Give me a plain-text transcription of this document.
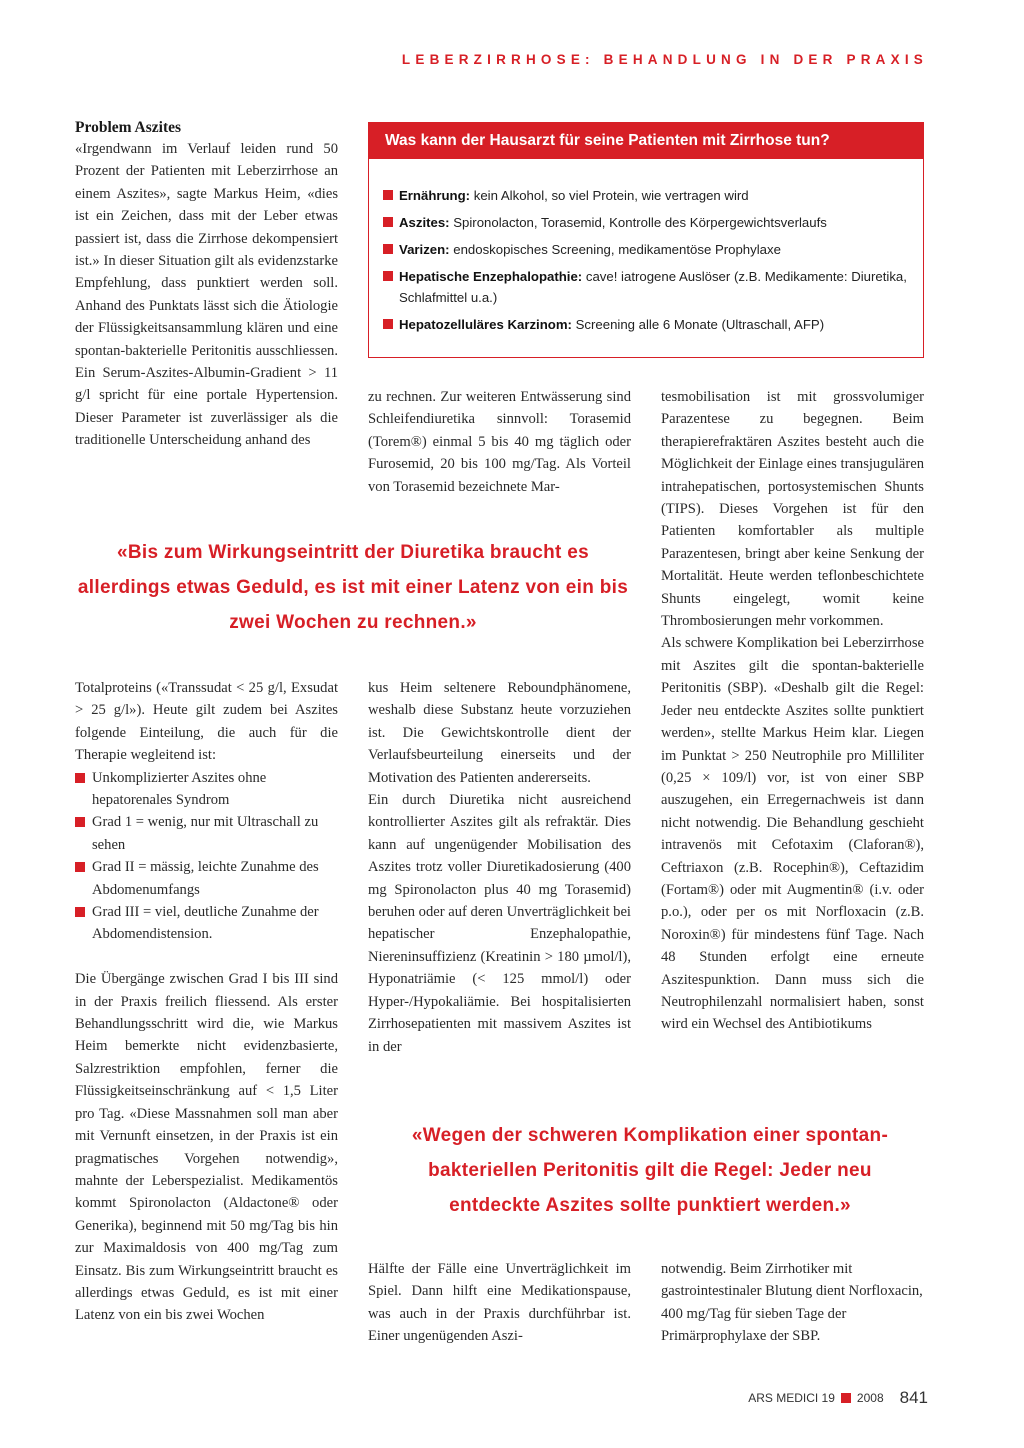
LEBERZIRRHOSE: BEHANDLUNG IN DER PRAXIS
Problem Aszites

«Irgendwann im Verlauf leiden rund 50 Prozent der Patienten mit Leberzirrhose an einem Aszites», sagte Markus Heim, «dies ist ein Zeichen, dass mit der Leber etwas passiert ist, dass die Zirrhose dekompensiert ist.» In dieser Situation gilt als evidenzstarke Empfehlung, dass punktiert werden soll. Anhand des Punktats lässt sich die Ätiologie der Flüssigkeitsansammlung klären und eine spontan-bakterielle Peritonitis ausschliessen. Ein Serum-Aszites-Albumin-Gradient > 11 g/l spricht für eine portale Hypertension. Dieser Parameter ist zuverlässiger als die traditionelle Unterscheidung anhand des

Was kann der Hausarzt für seine Patienten mit Zirrhose tun?
Ernährung: kein Alkohol, so viel Protein, wie vertragen wird
Aszites: Spironolacton, Torasemid, Kontrolle des Körpergewichtsverlaufs
Varizen: endoskopisches Screening, medikamentöse Prophylaxe
Hepatische Enzephalopathie: cave! iatrogene Auslöser (z.B. Medikamente: Diuretika, Schlafmittel u.a.)
Hepatozelluläres Karzinom: Screening alle 6 Monate (Ultraschall, AFP)

zu rechnen. Zur weiteren Entwässerung sind Schleifendiuretika sinnvoll: Torasemid (Torem®) einmal 5 bis 40 mg täglich oder Furosemid, 20 bis 100 mg/Tag. Als Vorteil von Torasemid bezeichnete Mar-

tesmobilisation ist mit grossvolumiger Parazentese zu begegnen. Beim therapierefraktären Aszites besteht auch die Möglichkeit der Einlage eines transjugulären intrahepatischen, portosystemischen Shunts (TIPS). Dieses Vorgehen ist für den Patienten komfortabler als multiple Parazentesen, bringt aber keine Senkung der Mortalität. Heute werden teflonbeschichtete Shunts eingelegt, womit keine Thrombosierungen mehr vorkommen.

Als schwere Komplikation bei Leberzirrhose mit Aszites gilt die spontan-bakterielle Peritonitis (SBP). «Deshalb gilt die Regel: Jeder neu entdeckte Aszites sollte punktiert werden», stellte Markus Heim klar. Liegen im Punktat > 250 Neutrophile pro Milliliter (0,25 × 109/l) vor, ist von einer SBP auszugehen, ein Erregernachweis ist dann nicht notwendig. Die Behandlung geschieht intravenös mit Cefotaxim (Claforan®), Ceftriaxon (z.B. Rocephin®), Ceftazidim (Fortam®) oder mit Augmentin® (i.v. oder p.o.), oder per os mit Norfloxacin (z.B. Noroxin®) für mindestens fünf Tage. Nach 48 Stunden erfolgt eine erneute Aszitespunktion. Dann muss sich die Neutrophilenzahl normalisiert haben, sonst wird ein Wechsel des Antibiotikums

«Bis zum Wirkungseintritt der Diuretika braucht es allerdings etwas Geduld, es ist mit einer Latenz von ein bis zwei Wochen zu rechnen.»

Totalproteins («Transsudat < 25 g/l, Exsudat > 25 g/l»). Heute gilt zudem bei Aszites folgende Einteilung, die auch für die Therapie wegleitend ist:

Unkomplizierter Aszites ohne hepatorenales Syndrom
Grad 1 = wenig, nur mit Ultraschall zu sehen
Grad II = mässig, leichte Zunahme des Abdomenumfangs
Grad III = viel, deutliche Zunahme der Abdomendistension.

Die Übergänge zwischen Grad I bis III sind in der Praxis freilich fliessend. Als erster Behandlungsschritt wird die, wie Markus Heim bemerkte nicht evidenzbasierte, Salzrestriktion empfohlen, ferner die Flüssigkeitseinschränkung auf < 1,5 Liter pro Tag. «Diese Massnahmen soll man aber mit Vernunft einsetzen, in der Praxis ist ein pragmatisches Vorgehen notwendig», mahnte der Leberspezialist. Medikamentös kommt Spironolacton (Aldactone® oder Generika), beginnend mit 50 mg/Tag bis hin zur Maximaldosis von 400 mg/Tag zum Einsatz. Bis zum Wirkungseintritt braucht es allerdings etwas Geduld, es ist mit einer Latenz von ein bis zwei Wochen

kus Heim seltenere Reboundphänomene, weshalb diese Substanz heute vorzuziehen ist. Die Gewichtskontrolle dient der Verlaufsbeurteilung einerseits und der Motivation des Patienten andererseits.

Ein durch Diuretika nicht ausreichend kontrollierter Aszites gilt als refraktär. Dies kann auf ungenügender Mobilisation des Aszites trotz voller Diuretikadosierung (400 mg Spironolacton plus 40 mg Torasemid) beruhen oder auf deren Unverträglichkeit bei hepatischer Enzephalopathie, Niereninsuffizienz (Kreatinin > 180 µmol/l), Hyponatriämie (< 125 mmol/l) oder Hyper-/Hypokaliämie. Bei hospitalisierten Zirrhosepatienten mit massivem Aszites ist in der

«Wegen der schweren Komplikation einer spontan-bakteriellen Peritonitis gilt die Regel: Jeder neu entdeckte Aszites sollte punktiert werden.»

Hälfte der Fälle eine Unverträglichkeit im Spiel. Dann hilft eine Medikationspause, was auch in der Praxis durchführbar ist. Einer ungenügenden Aszi-

notwendig. Beim Zirrhotiker mit gastrointestinaler Blutung dient Norfloxacin, 400 mg/Tag für sieben Tage der Primärprophylaxe der SBP.

ARS MEDICI 19 2008 841
